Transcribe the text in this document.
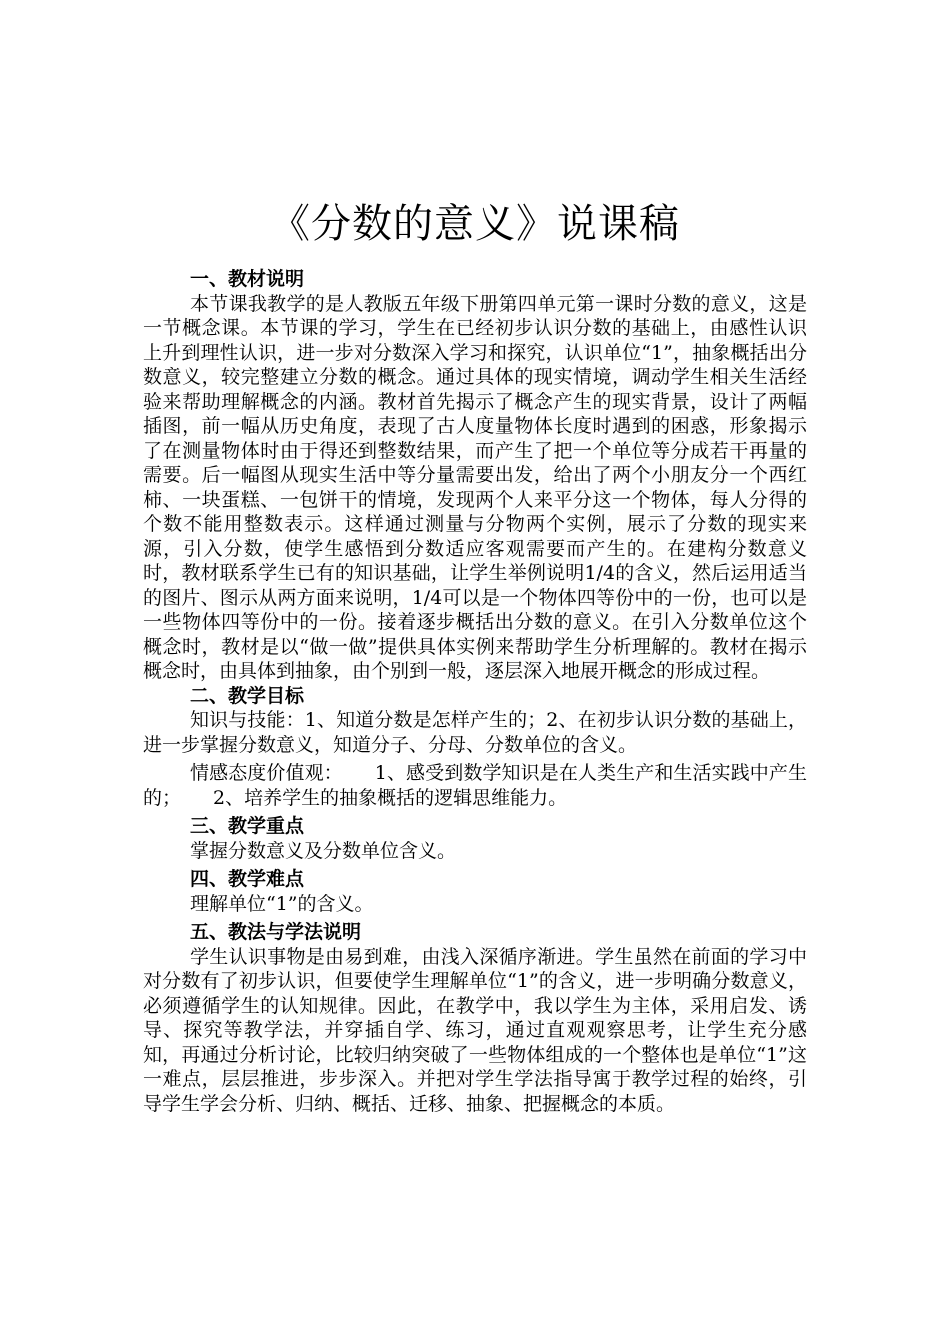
《分数的意义》说课稿

一、教材说明

本节课我教学的是人教版五年级下册第四单元第一课时分数的意义，这是一节概念课。本节课的学习，学生在已经初步认识分数的基础上，由感性认识上升到理性认识，进一步对分数深入学习和探究，认识单位“1”，抽象概括出分数意义，较完整建立分数的概念。通过具体的现实情境，调动学生相关生活经验来帮助理解概念的内涵。教材首先揭示了概念产生的现实背景，设计了两幅插图，前一幅从历史角度，表现了古人度量物体长度时遇到的困惑，形象揭示了在测量物体时由于得还到整数结果，而产生了把一个单位等分成若干再量的需要。后一幅图从现实生活中等分量需要出发，给出了两个小朋友分一个西红柿、一块蛋糕、一包饼干的情境，发现两个人来平分这一个物体，每人分得的个数不能用整数表示。这样通过测量与分物两个实例，展示了分数的现实来源，引入分数，使学生感悟到分数适应客观需要而产生的。在建构分数意义时，教材联系学生已有的知识基础，让学生举例说明1/4的含义，然后运用适当的图片、图示从两方面来说明，1/4可以是一个物体四等份中的一份，也可以是一些物体四等份中的一份。接着逐步概括出分数的意义。在引入分数单位这个概念时，教材是以“做一做”提供具体实例来帮助学生分析理解的。教材在揭示概念时，由具体到抽象，由个别到一般，逐层深入地展开概念的形成过程。

二、教学目标

知识与技能：1、知道分数是怎样产生的；2、在初步认识分数的基础上，进一步掌握分数意义，知道分子、分母、分数单位的含义。

情感态度价值观： 1、感受到数学知识是在人类生产和生活实践中产生的； 2、培养学生的抽象概括的逻辑思维能力。

三、教学重点

掌握分数意义及分数单位含义。

四、教学难点

理解单位“1”的含义。

五、教法与学法说明

学生认识事物是由易到难，由浅入深循序渐进。学生虽然在前面的学习中对分数有了初步认识，但要使学生理解单位“1”的含义，进一步明确分数意义，必须遵循学生的认知规律。因此，在教学中，我以学生为主体，采用启发、诱导、探究等教学法，并穿插自学、练习，通过直观观察思考，让学生充分感知，再通过分析讨论，比较归纳突破了一些物体组成的一个整体也是单位“1”这一难点，层层推进，步步深入。并把对学生学法指导寓于教学过程的始终，引导学生学会分析、归纳、概括、迁移、抽象、把握概念的本质。
